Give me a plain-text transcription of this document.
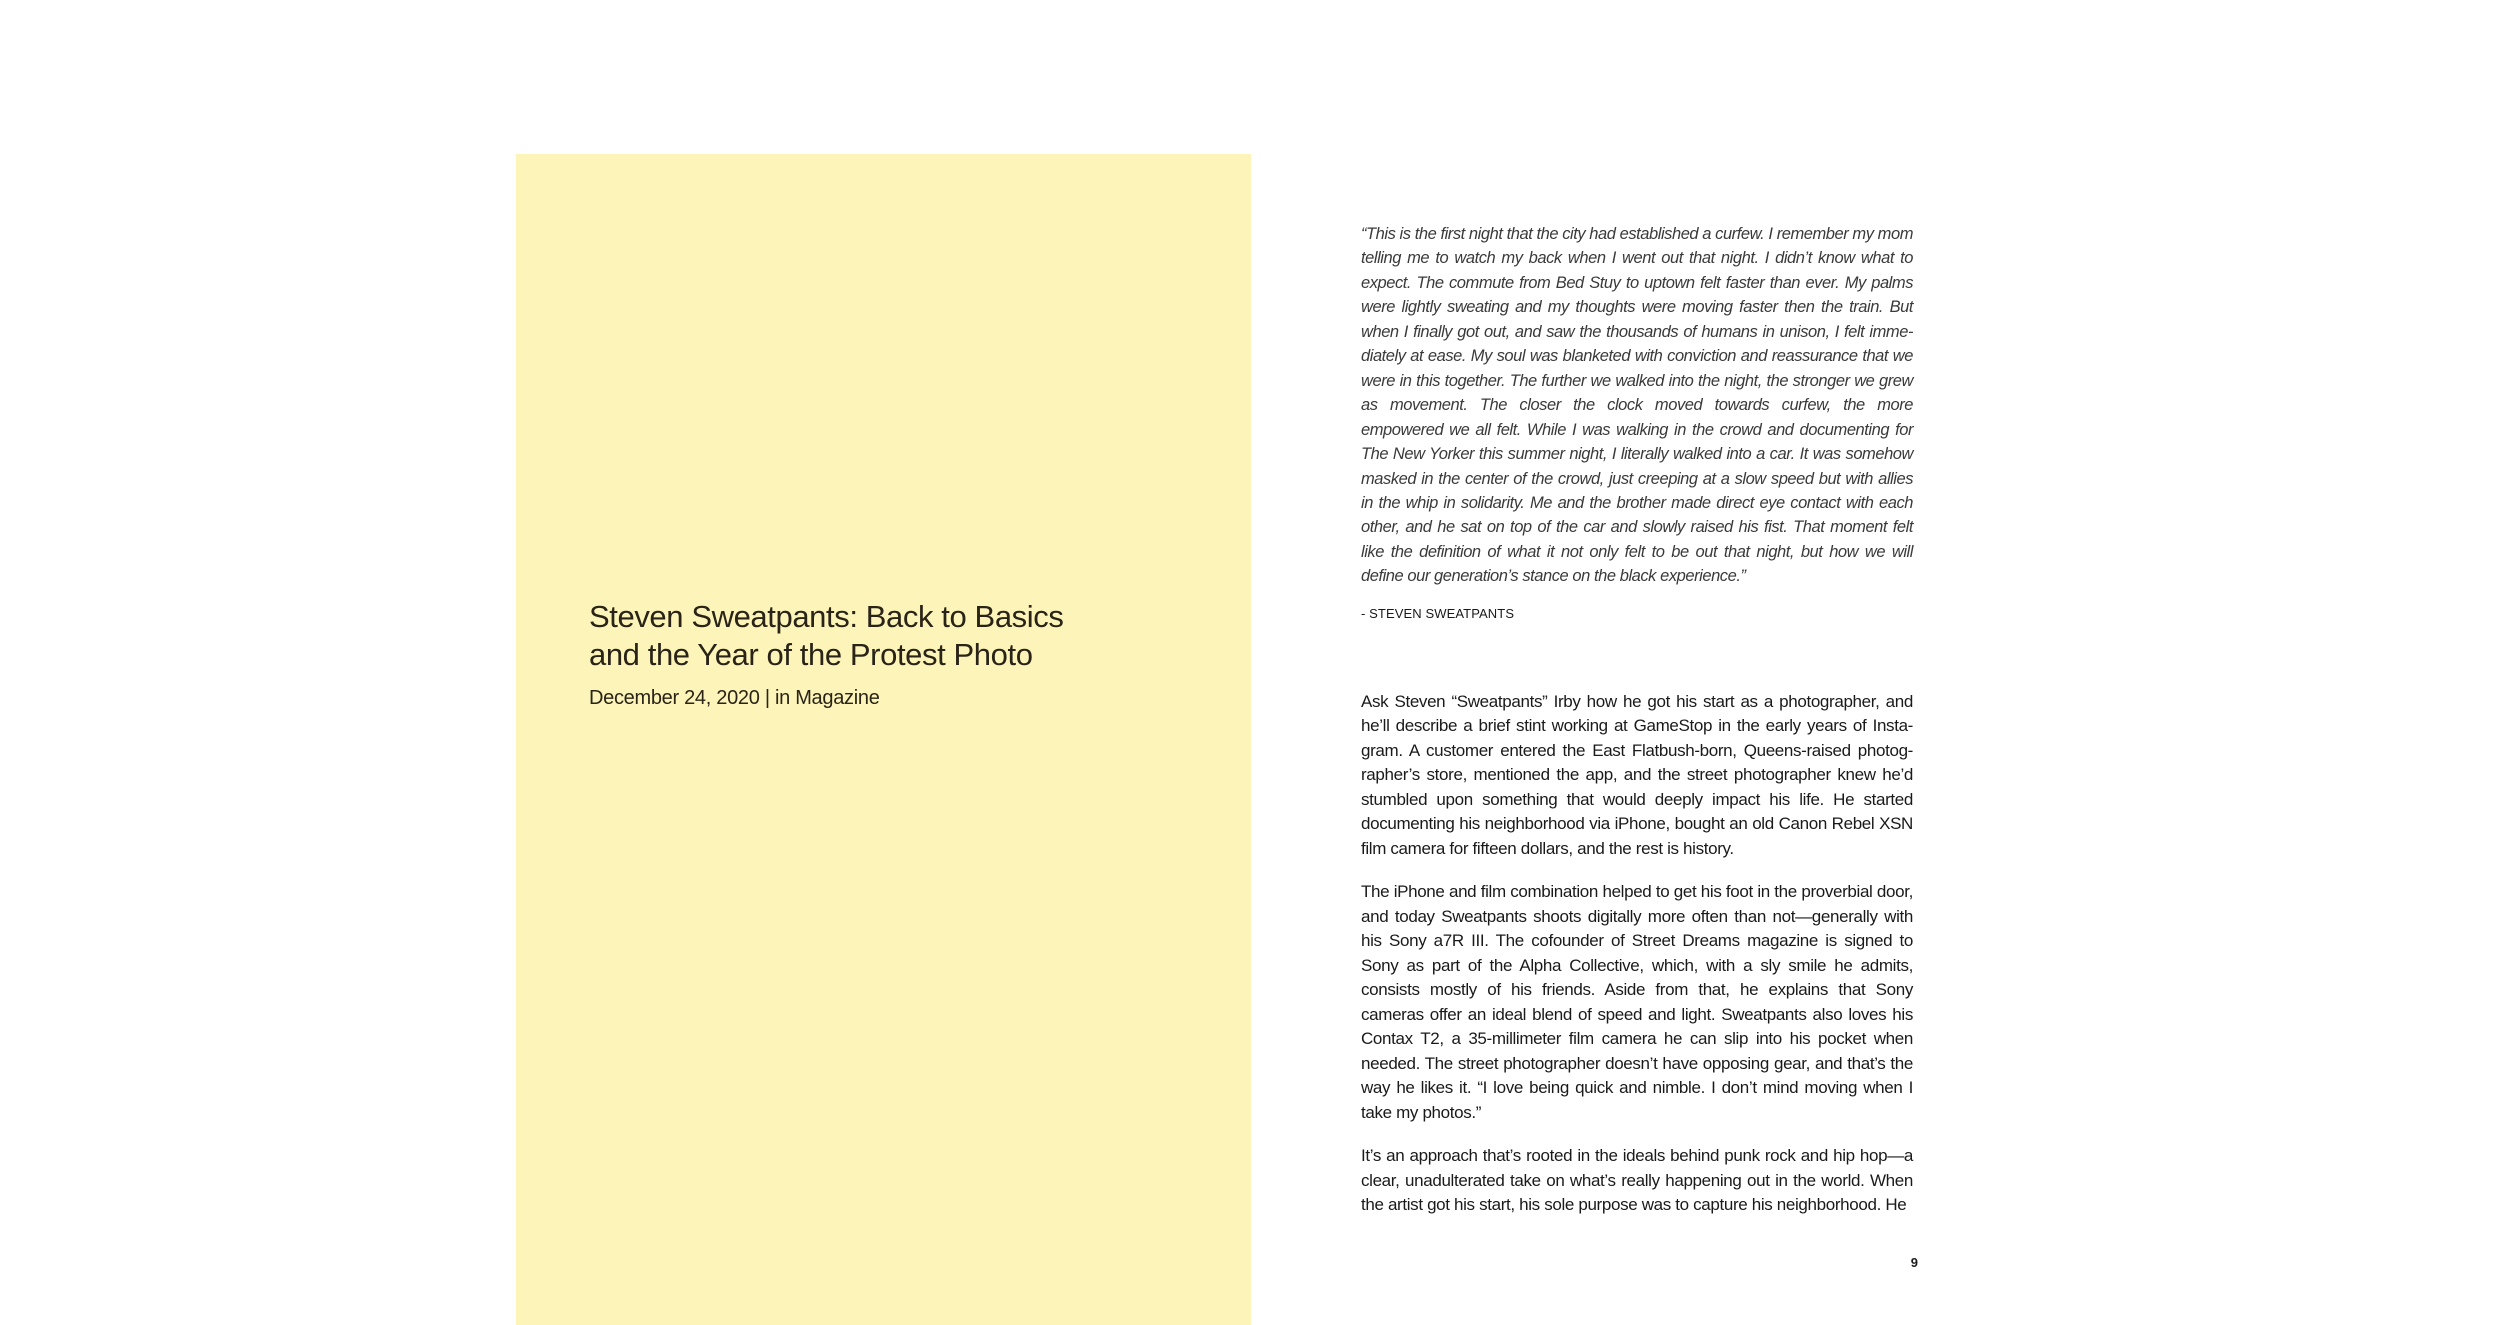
Steven Sweatpants: Back to Basics
and the Year of the Protest Photo
December 24, 2020 | in Magazine

“This is the first night that the city had established a curfew. I remember my mom telling me to watch my back when I went out that night. I didn’t know what to expect. The commute from Bed Stuy to uptown felt faster than ever. My palms were lightly sweating and my thoughts were moving faster then the train. But when I finally got out, and saw the thousands of humans in unison, I felt imme-diately at ease. My soul was blanketed with conviction and reassurance that we were in this together. The further we walked into the night, the stronger we grew as movement. The closer the clock moved towards curfew, the more empowered we all felt. While I was walking in the crowd and documenting for The New Yorker this summer night, I literally walked into a car. It was somehow masked in the center of the crowd, just creeping at a slow speed but with allies in the whip in solidarity. Me and the brother made direct eye contact with each other, and he sat on top of the car and slowly raised his fist. That moment felt like the definition of what it not only felt to be out that night, but how we will define our generation’s stance on the black experience.”

- STEVEN SWEATPANTS

Ask Steven “Sweatpants” Irby how he got his start as a photographer, and he’ll describe a brief stint working at GameStop in the early years of Insta-gram. A customer entered the East Flatbush-born, Queens-raised photog-rapher’s store, mentioned the app, and the street photographer knew he’d stumbled upon something that would deeply impact his life. He started documenting his neighborhood via iPhone, bought an old Canon Rebel XSN film camera for fifteen dollars, and the rest is history.

The iPhone and film combination helped to get his foot in the proverbial door, and today Sweatpants shoots digitally more often than not—generally with his Sony a7R III. The cofounder of Street Dreams magazine is signed to Sony as part of the Alpha Collective, which, with a sly smile he admits, consists mostly of his friends. Aside from that, he explains that Sony cameras offer an ideal blend of speed and light. Sweatpants also loves his Contax T2, a 35-millimeter film camera he can slip into his pocket when needed. The street photographer doesn’t have opposing gear, and that’s the way he likes it. “I love being quick and nimble. I don’t mind moving when I take my photos.”

It’s an approach that’s rooted in the ideals behind punk rock and hip hop—a clear, unadulterated take on what’s really happening out in the world. When the artist got his start, his sole purpose was to capture his neighborhood. He

9
